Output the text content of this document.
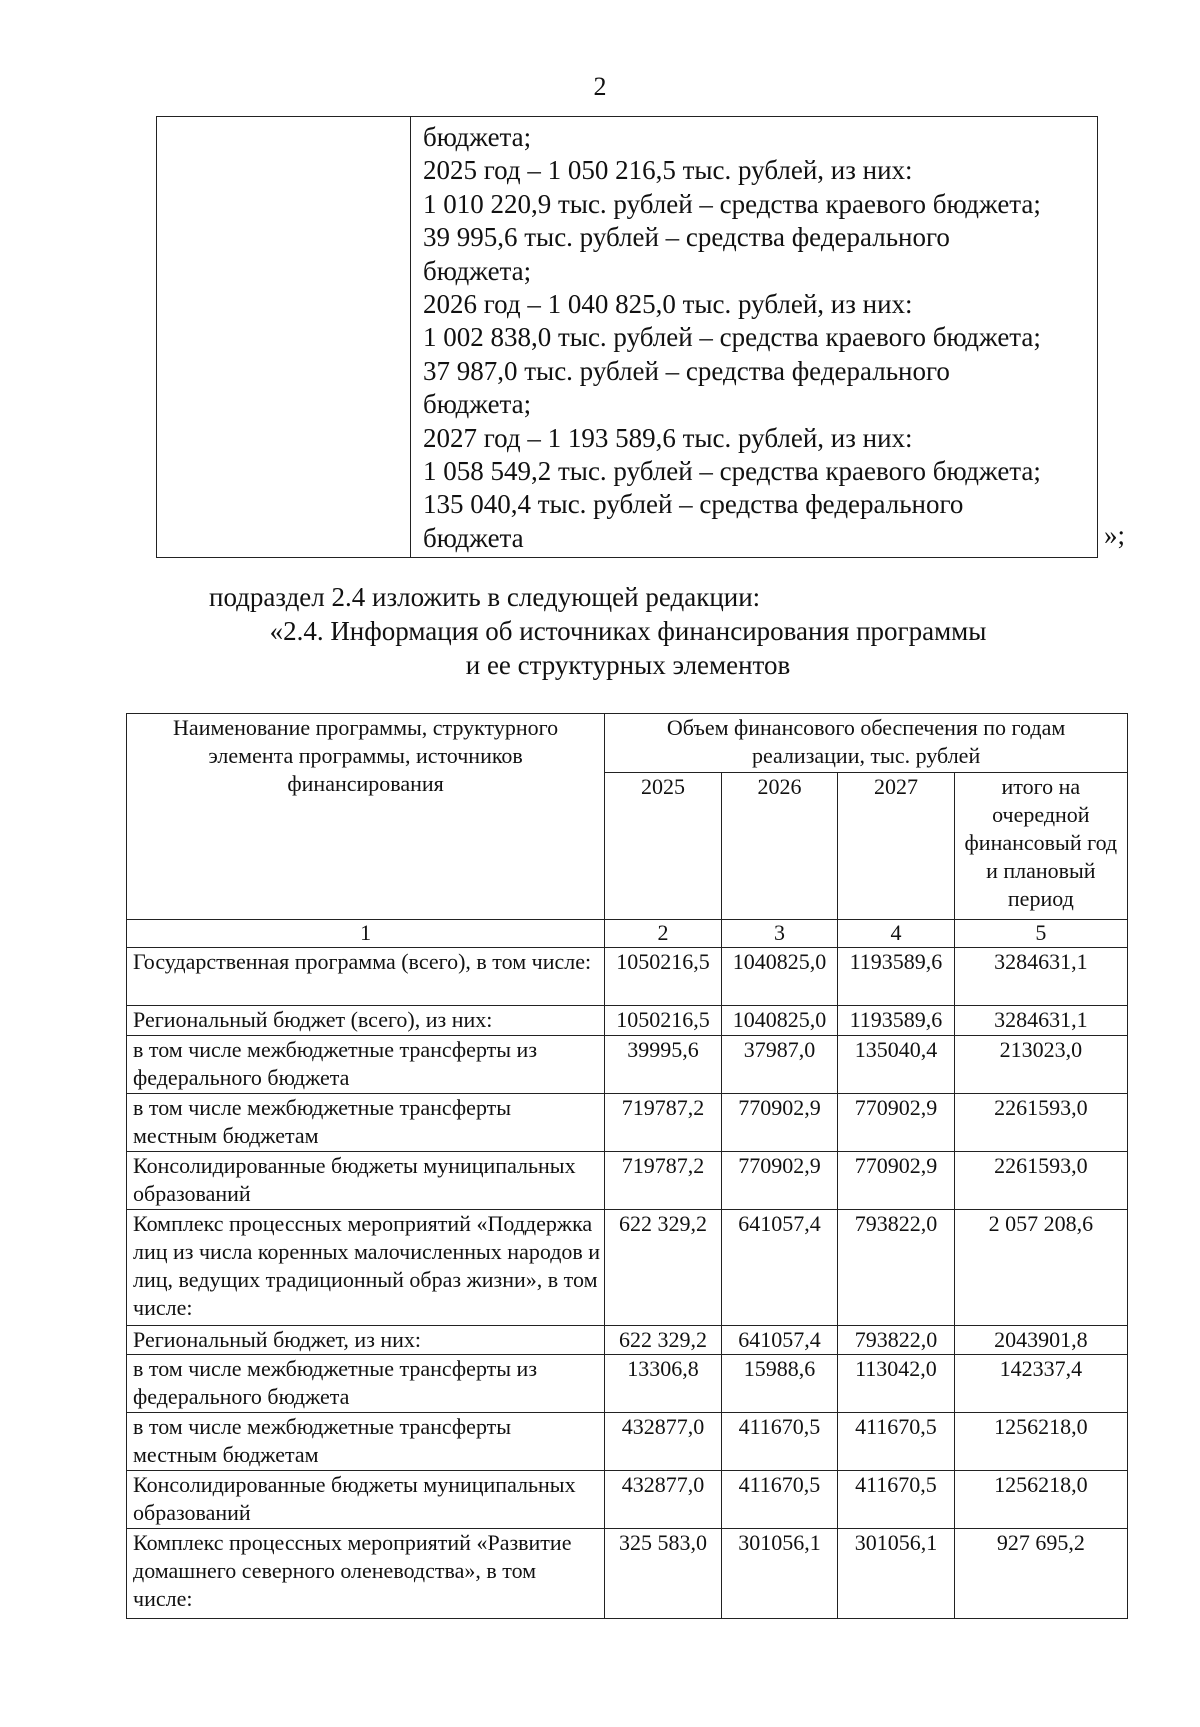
2

бюджета;
2025 год – 1 050 216,5 тыс. рублей, из них:
1 010 220,9 тыс. рублей – средства краевого бюджета;
39 995,6 тыс. рублей – средства федерального
бюджета;
2026 год – 1 040 825,0 тыс. рублей, из них:
1 002 838,0 тыс. рублей – средства краевого бюджета;
37 987,0 тыс. рублей – средства федерального
бюджета;
2027 год – 1 193 589,6 тыс. рублей, из них:
1 058 549,2 тыс. рублей – средства краевого бюджета;
135 040,4 тыс. рублей – средства федерального
бюджета	»;
подраздел 2.4 изложить в следующей редакции:
«2.4. Информация об источниках финансирования программы
и ее структурных элементов
Наименование программы, структурного элемента программы, источников финансирования	Объем финансового обеспечения по годам реализации, тыс. рублей			
	2025	2026	2027	итого на очередной финансовый год и плановый период
1	2	3	4	5
Государственная программа (всего), в том числе:	1050216,5	1040825,0	1193589,6	3284631,1
Региональный бюджет (всего), из них:	1050216,5	1040825,0	1193589,6	3284631,1
в том числе межбюджетные трансферты из федерального бюджета	39995,6	37987,0	135040,4	213023,0
в том числе межбюджетные трансферты местным бюджетам	719787,2	770902,9	770902,9	2261593,0
Консолидированные бюджеты муниципальных образований	719787,2	770902,9	770902,9	2261593,0
Комплекс процессных мероприятий «Поддержка лиц из числа коренных малочисленных народов и лиц, ведущих традиционный образ жизни», в том числе:	622 329,2	641057,4	793822,0	2 057 208,6
Региональный бюджет, из них:	622 329,2	641057,4	793822,0	2043901,8
в том числе межбюджетные трансферты из федерального бюджета	13306,8	15988,6	113042,0	142337,4
в том числе межбюджетные трансферты местным бюджетам	432877,0	411670,5	411670,5	1256218,0
Консолидированные бюджеты муниципальных образований	432877,0	411670,5	411670,5	1256218,0
Комплекс процессных мероприятий «Развитие домашнего северного оленеводства», в том числе:	325 583,0	301056,1	301056,1	927 695,2
